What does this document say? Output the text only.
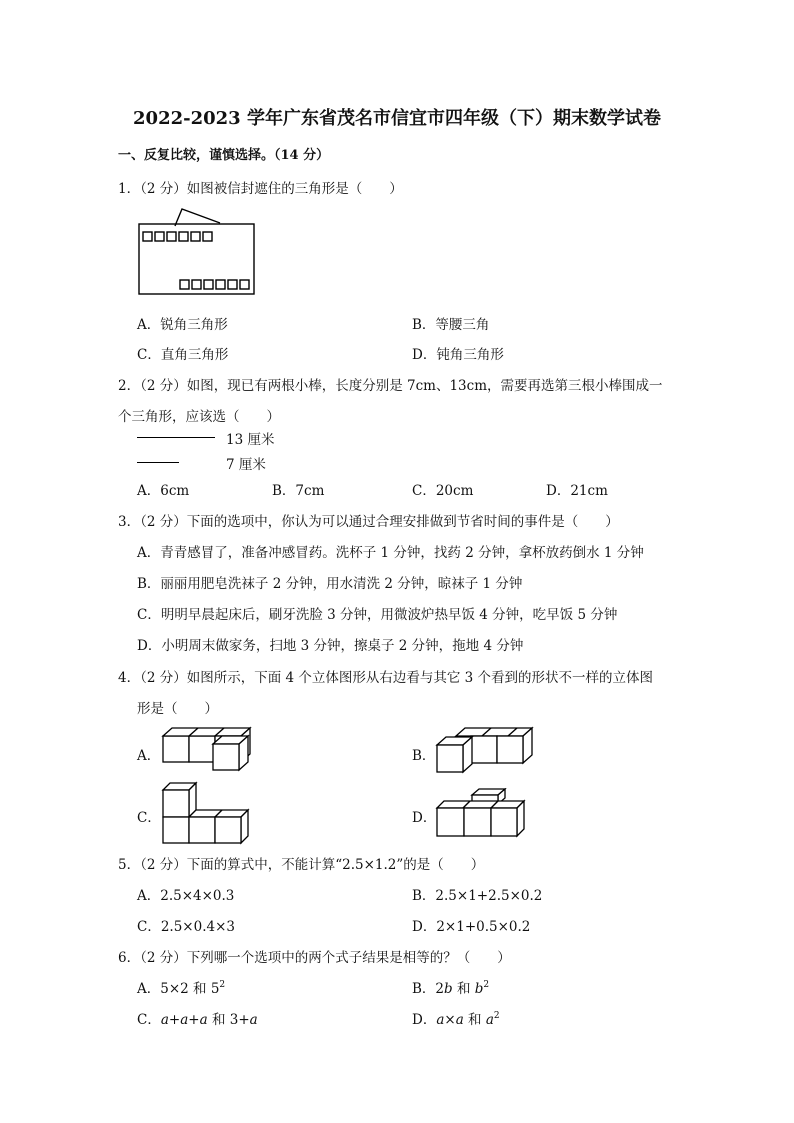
2022-2023 学年广东省茂名市信宜市四年级（下）期末数学试卷
一、反复比较，谨慎选择。（14 分）
1．（2 分）如图被信封遮住的三角形是（　　）
A．锐角三角形	B．等腰三角
C．直角三角形	D．钝角三角形
2．（2 分）如图，现已有两根小棒，长度分别是 7cm、13cm，需要再选第三根小棒围成一
个三角形，应该选（　　）
13 厘米
7 厘米
A．6cm	B．7cm	C．20cm	D．21cm
3．（2 分）下面的选项中，你认为可以通过合理安排做到节省时间的事件是（　　）
A．青青感冒了，准备冲感冒药。洗杯子 1 分钟，找药 2 分钟，拿杯放药倒水 1 分钟
B．丽丽用肥皂洗袜子 2 分钟，用水清洗 2 分钟，晾袜子 1 分钟
C．明明早晨起床后，刷牙洗脸 3 分钟，用微波炉热早饭 4 分钟，吃早饭 5 分钟
D．小明周末做家务，扫地 3 分钟，擦桌子 2 分钟，拖地 4 分钟
4．（2 分）如图所示，下面 4 个立体图形从右边看与其它 3 个看到的形状不一样的立体图
形是（　　）
A．	B．
C．	D．
5．（2 分）下面的算式中，不能计算“2.5×1.2”的是（　　）
A．2.5×4×0.3	B．2.5×1+2.5×0.2
C．2.5×0.4×3	D．2×1+0.5×0.2
6．（2 分）下列哪一个选项中的两个式子结果是相等的？（　　）
A．5×2 和 $5^2$	B．2b 和 $b^2$
C．a+a+a 和 3+a	D．a×a 和 $a^2$
